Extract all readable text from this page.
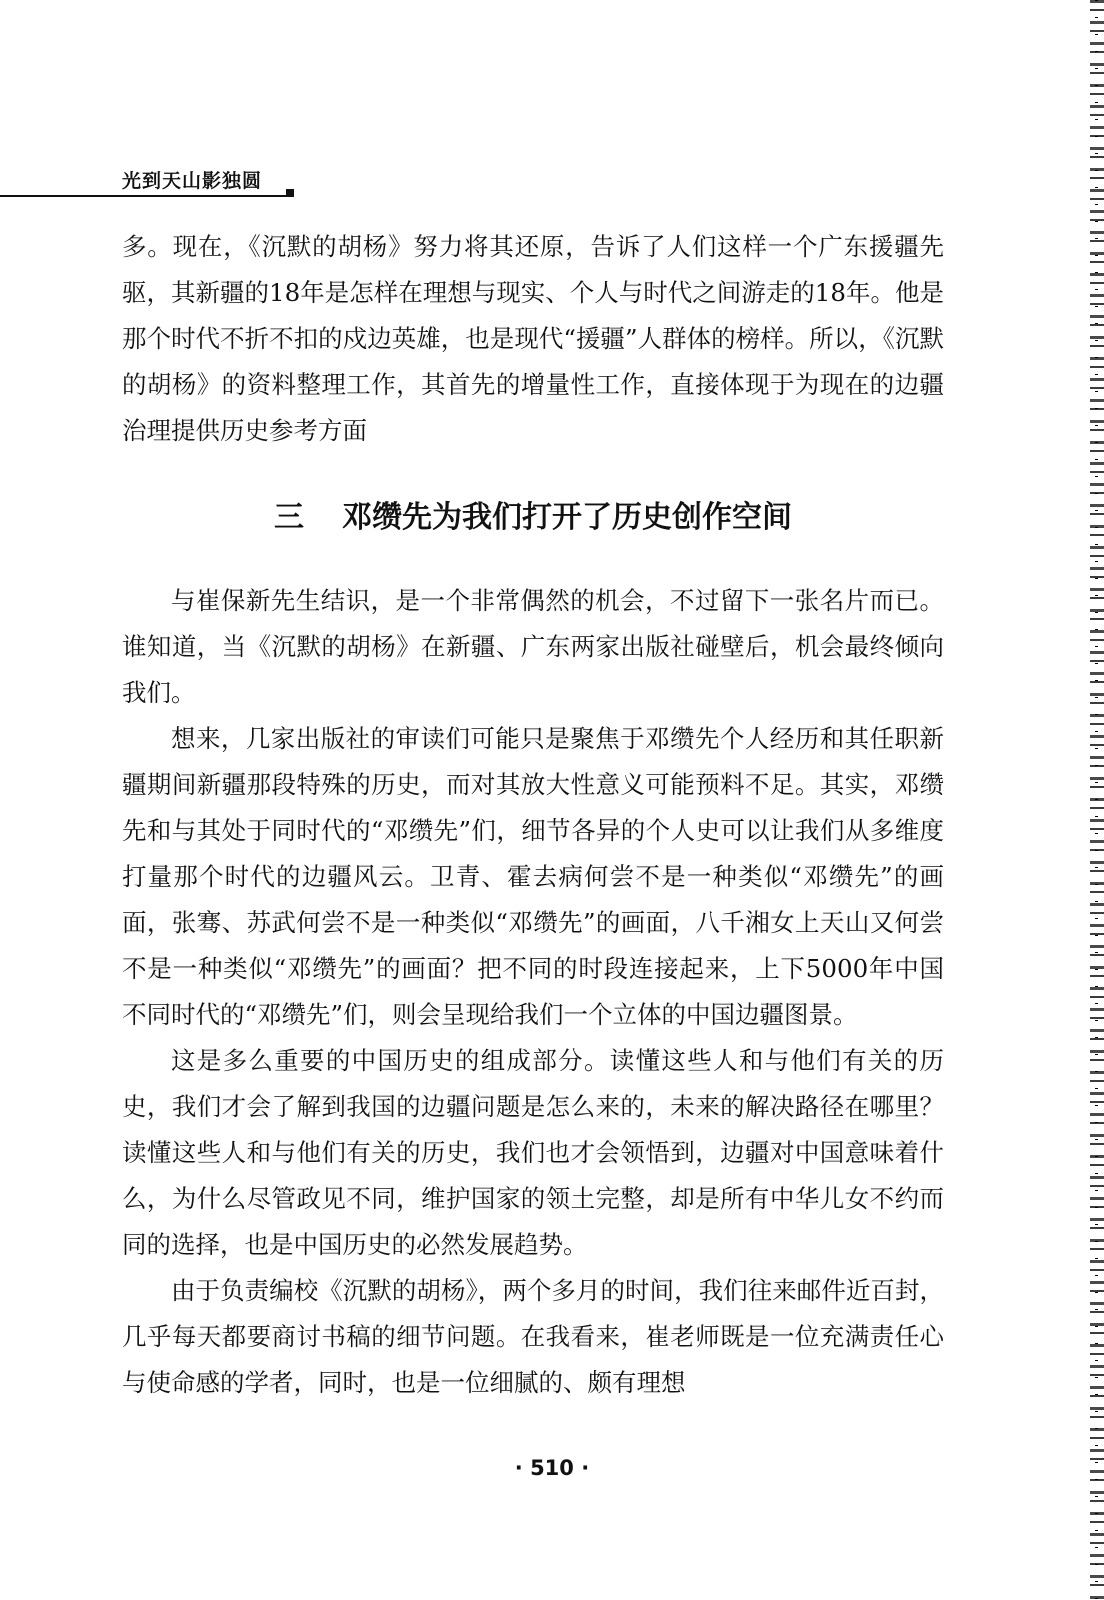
光到天山影独圆

多。现在，《沉默的胡杨》努力将其还原，告诉了人们这样一个广东援疆先驱，其新疆的18年是怎样在理想与现实、个人与时代之间游走的18年。他是那个时代不折不扣的戍边英雄，也是现代“援疆”人群体的榜样。所以，《沉默的胡杨》的资料整理工作，其首先的增量性工作，直接体现于为现在的边疆治理提供历史参考方面

三 邓缵先为我们打开了历史创作空间

与崔保新先生结识，是一个非常偶然的机会，不过留下一张名片而已。谁知道，当《沉默的胡杨》在新疆、广东两家出版社碰壁后，机会最终倾向我们。

想来，几家出版社的审读们可能只是聚焦于邓缵先个人经历和其任职新疆期间新疆那段特殊的历史，而对其放大性意义可能预料不足。其实，邓缵先和与其处于同时代的“邓缵先”们，细节各异的个人史可以让我们从多维度打量那个时代的边疆风云。卫青、霍去病何尝不是一种类似“邓缵先”的画面，张骞、苏武何尝不是一种类似“邓缵先”的画面，八千湘女上天山又何尝不是一种类似“邓缵先”的画面？把不同的时段连接起来，上下5000年中国不同时代的“邓缵先”们，则会呈现给我们一个立体的中国边疆图景。

这是多么重要的中国历史的组成部分。读懂这些人和与他们有关的历史，我们才会了解到我国的边疆问题是怎么来的，未来的解决路径在哪里？读懂这些人和与他们有关的历史，我们也才会领悟到，边疆对中国意味着什么，为什么尽管政见不同，维护国家的领土完整，却是所有中华儿女不约而同的选择，也是中国历史的必然发展趋势。

由于负责编校《沉默的胡杨》，两个多月的时间，我们往来邮件近百封，几乎每天都要商讨书稿的细节问题。在我看来，崔老师既是一位充满责任心与使命感的学者，同时，也是一位细腻的、颇有理想

· 510 ·
